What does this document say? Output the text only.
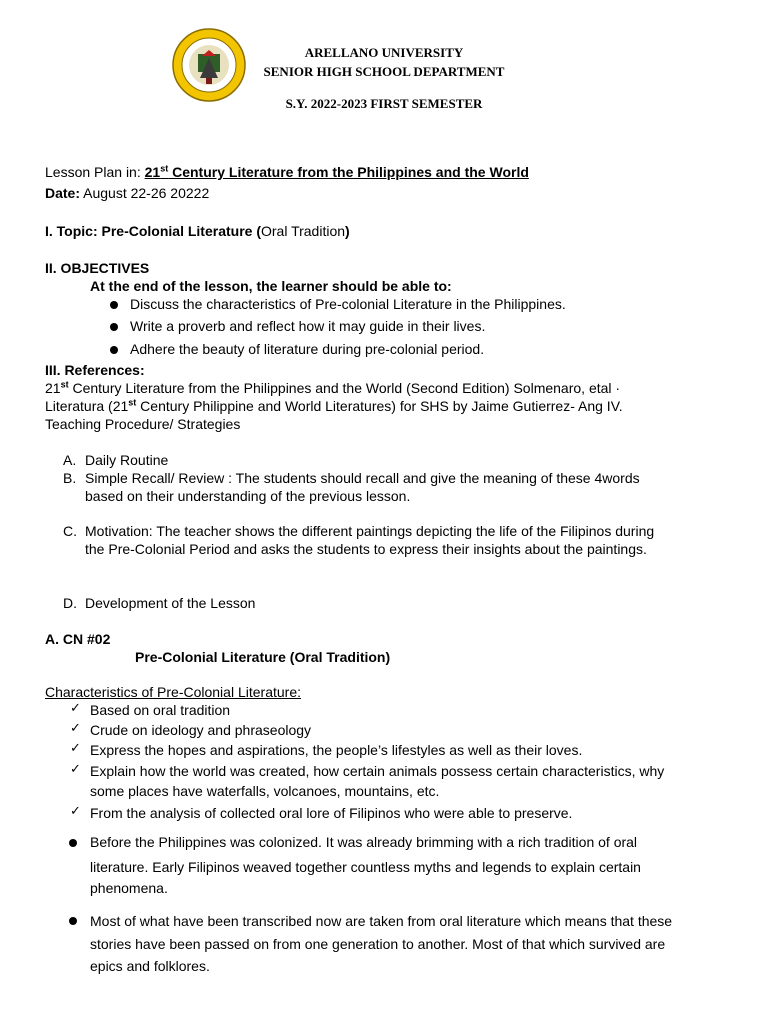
ARELLANO UNIVERSITY
SENIOR HIGH SCHOOL DEPARTMENT
S.Y. 2022-2023 FIRST SEMESTER
Lesson Plan in: 21st Century Literature from the Philippines and the World
Date: August 22-26 20222
I. Topic: Pre-Colonial Literature (Oral Tradition)
II. OBJECTIVES
At the end of the lesson, the learner should be able to:
Discuss the characteristics of Pre-colonial Literature in the Philippines.
Write a proverb and reflect how it may guide in their lives.
Adhere the beauty of literature during pre-colonial period.
III. References:
21st Century Literature from the Philippines and the World (Second Edition) Solmenaro, etal ·
Literatura (21st Century Philippine and World Literatures) for SHS by Jaime Gutierrez- Ang IV.
Teaching Procedure/ Strategies
A. Daily Routine
B. Simple Recall/ Review : The students should recall and give the meaning of these 4words
based on their understanding of the previous lesson.
C. Motivation: The teacher shows the different paintings depicting the life of the Filipinos during
the Pre-Colonial Period and asks the students to express their insights about the paintings.
D. Development of the Lesson
A. CN #02
Pre-Colonial Literature (Oral Tradition)
Characteristics of Pre-Colonial Literature:
✓ Based on oral tradition
✓ Crude on ideology and phraseology
✓ Express the hopes and aspirations, the people’s lifestyles as well as their loves.
✓ Explain how the world was created, how certain animals possess certain characteristics, why
some places have waterfalls, volcanoes, mountains, etc.
✓ From the analysis of collected oral lore of Filipinos who were able to preserve.
Before the Philippines was colonized. It was already brimming with a rich tradition of oral
literature. Early Filipinos weaved together countless myths and legends to explain certain
phenomena.
Most of what have been transcribed now are taken from oral literature which means that these
stories have been passed on from one generation to another. Most of that which survived are
epics and folklores.
